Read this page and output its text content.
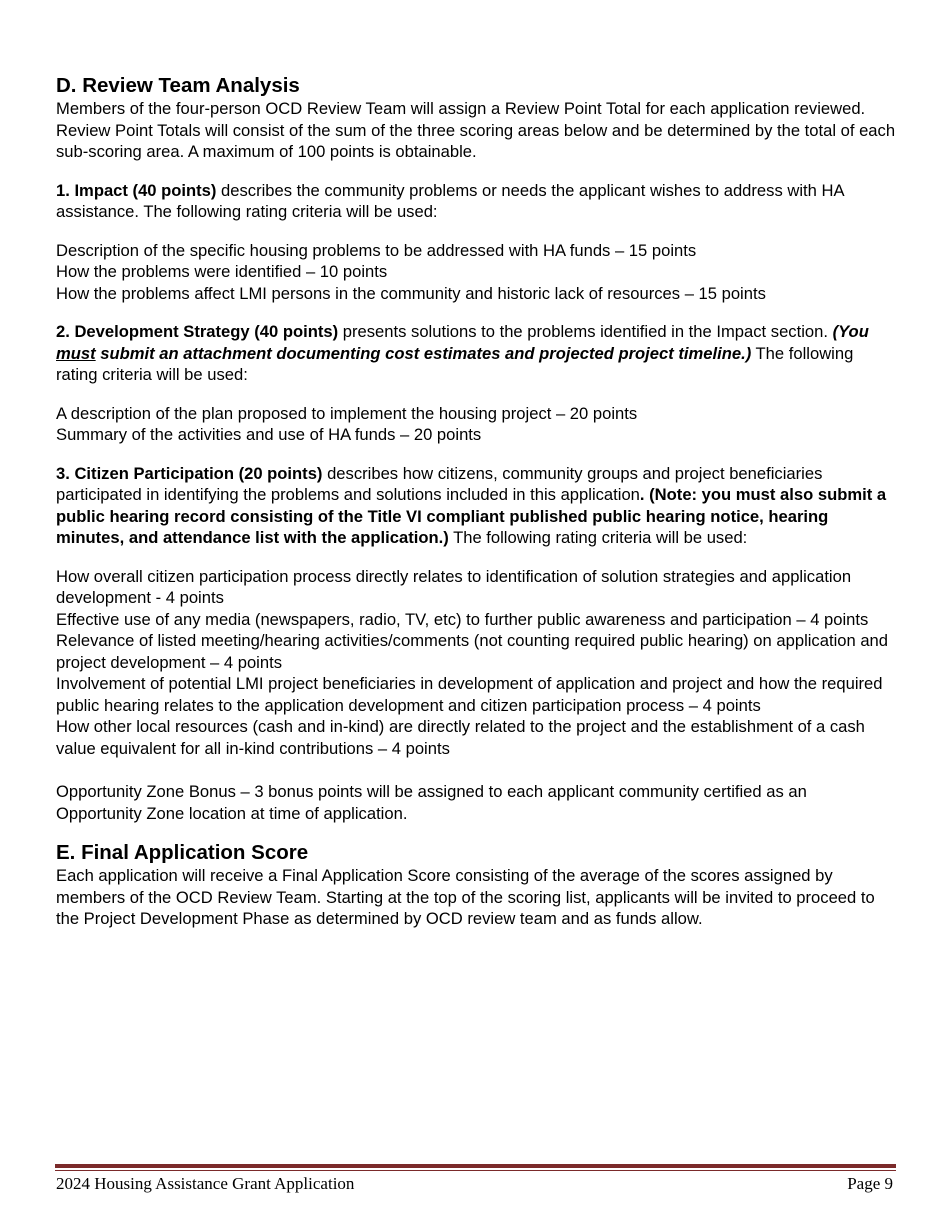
D. Review Team Analysis

Members of the four-person OCD Review Team will assign a Review Point Total for each application reviewed. Review Point Totals will consist of the sum of the three scoring areas below and be determined by the total of each sub-scoring area. A maximum of 100 points is obtainable.

1. Impact (40 points) describes the community problems or needs the applicant wishes to address with HA assistance. The following rating criteria will be used:

Description of the specific housing problems to be addressed with HA funds – 15 points

How the problems were identified – 10 points

How the problems affect LMI persons in the community and historic lack of resources – 15 points

2. Development Strategy (40 points) presents solutions to the problems identified in the Impact section. (You must submit an attachment documenting cost estimates and projected project timeline.) The following rating criteria will be used:

A description of the plan proposed to implement the housing project – 20 points

Summary of the activities and use of HA funds – 20 points

3. Citizen Participation (20 points) describes how citizens, community groups and project beneficiaries participated in identifying the problems and solutions included in this application. (Note: you must also submit a public hearing record consisting of the Title VI compliant published public hearing notice, hearing minutes, and attendance list with the application.) The following rating criteria will be used:

How overall citizen participation process directly relates to identification of solution strategies and application development - 4 points

Effective use of any media (newspapers, radio, TV, etc) to further public awareness and participation – 4 points

Relevance of listed meeting/hearing activities/comments (not counting required public hearing) on application and project development – 4 points

Involvement of potential LMI project beneficiaries in development of application and project and how the required public hearing relates to the application development and citizen participation process – 4 points

How other local resources (cash and in-kind) are directly related to the project and the establishment of a cash value equivalent for all in-kind contributions – 4 points

Opportunity Zone Bonus – 3 bonus points will be assigned to each applicant community certified as an Opportunity Zone location at time of application.

E. Final Application Score

Each application will receive a Final Application Score consisting of the average of the scores assigned by members of the OCD Review Team. Starting at the top of the scoring list, applicants will be invited to proceed to the Project Development Phase as determined by OCD review team and as funds allow.

2024 Housing Assistance Grant Application	Page 9
